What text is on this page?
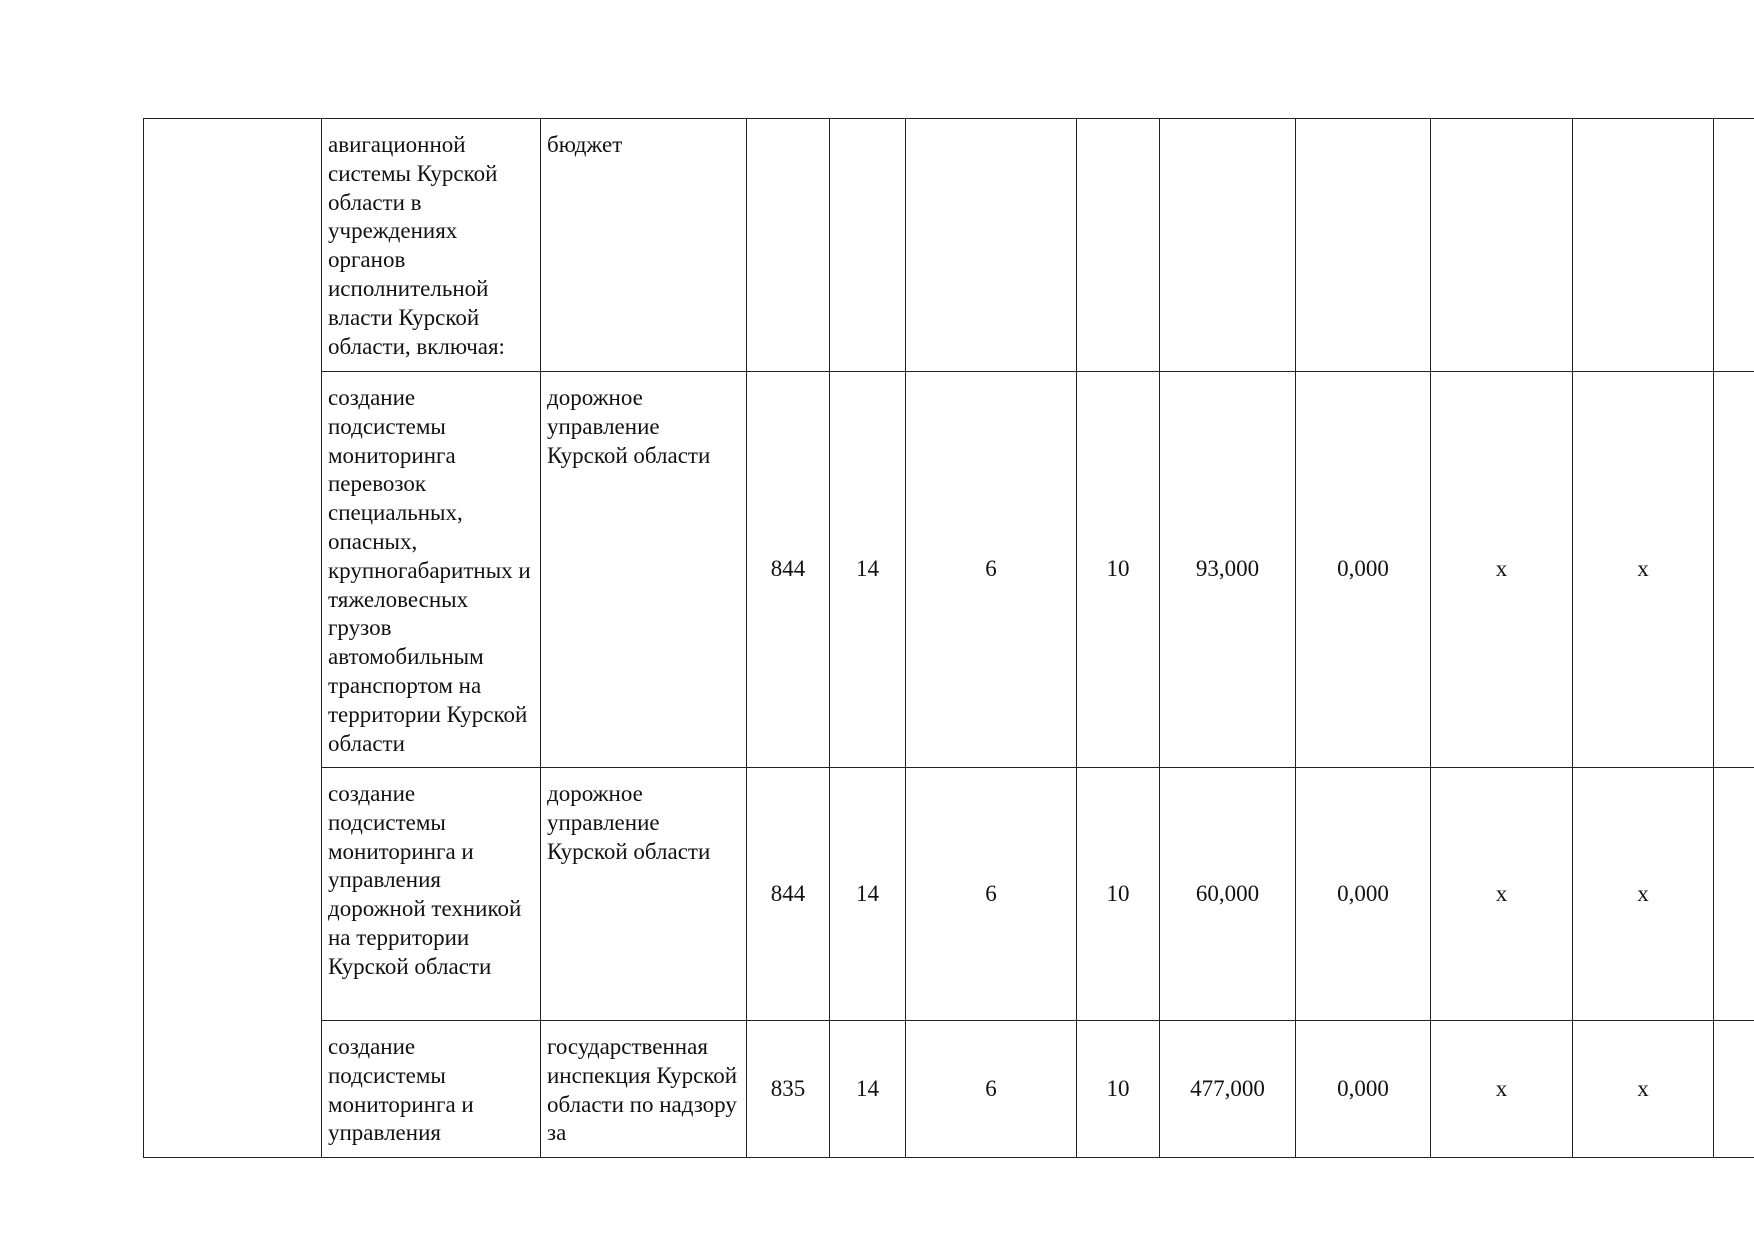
	авигационной системы Курской области в учреждениях органов исполнительной власти Курской области, включая:	бюджет									
	создание подсистемы мониторинга перевозок специальных, опасных, крупногабаритных и тяжеловесных грузов автомобильным транспортом на территории Курской области	дорожное управление Курской области	844	14	6	10	93,000	0,000	х	х	
	создание подсистемы мониторинга и управления дорожной техникой на территории Курской области	дорожное управление Курской области	844	14	6	10	60,000	0,000	х	х	
	создание подсистемы мониторинга и управления	государственная инспекция Курской области по надзору за	835	14	6	10	477,000	0,000	х	х	
